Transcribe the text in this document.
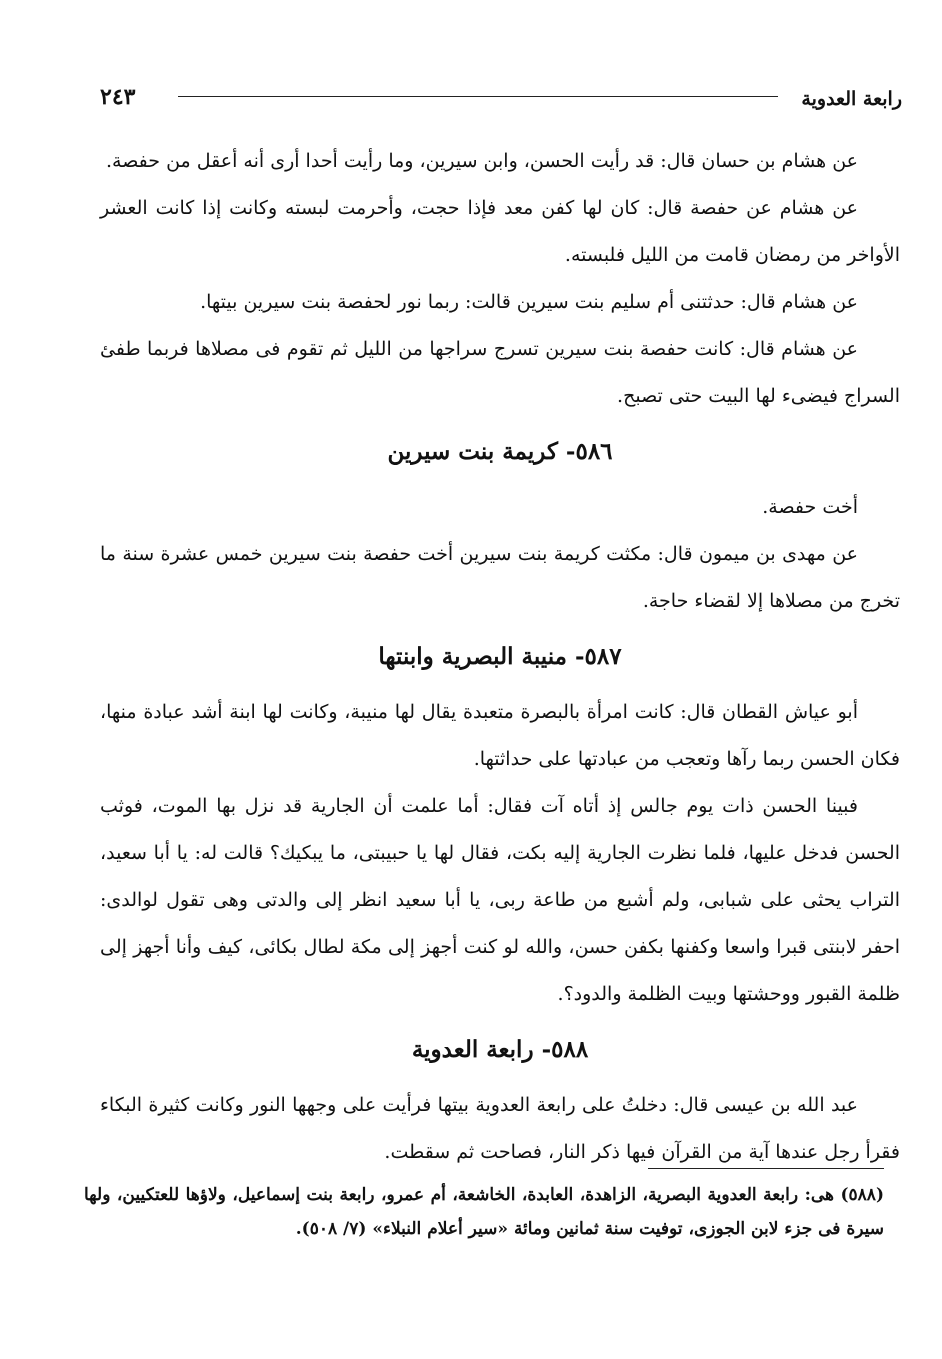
رابعة العدوية
٢٤٣

عن هشام بن حسان قال: قد رأيت الحسن، وابن سيرين، وما رأيت أحدا أرى أنه أعقل من حفصة.

عن هشام عن حفصة قال: كان لها كفن معد فإذا حجت، وأحرمت لبسته وكانت إذا كانت العشر الأواخر من رمضان قامت من الليل فلبسته.

عن هشام قال: حدثتنى أم سليم بنت سيرين قالت: ربما نور لحفصة بنت سيرين بيتها.

عن هشام قال: كانت حفصة بنت سيرين تسرج سراجها من الليل ثم تقوم فى مصلاها فربما طفئ السراج فيضىء لها البيت حتى تصبح.

٥٨٦- كريمة بنت سيرين

أخت حفصة.

عن مهدى بن ميمون قال: مكثت كريمة بنت سيرين أخت حفصة بنت سيرين خمس عشرة سنة ما تخرج من مصلاها إلا لقضاء حاجة.

٥٨٧- منيبة البصرية وابنتها

أبو عياش القطان قال: كانت امرأة بالبصرة متعبدة يقال لها منيبة، وكانت لها ابنة أشد عبادة منها، فكان الحسن ربما رآها وتعجب من عبادتها على حداثتها.

فبينا الحسن ذات يوم جالس إذ أتاه آت فقال: أما علمت أن الجارية قد نزل بها الموت، فوثب الحسن فدخل عليها، فلما نظرت الجارية إليه بكت، فقال لها يا حبيبتى، ما يبكيك؟ قالت له: يا أبا سعيد، التراب يحثى على شبابى، ولم أشبع من طاعة ربى، يا أبا سعيد انظر إلى والدتى وهى تقول لوالدى: احفر لابنتى قبرا واسعا وكفنها بكفن حسن، والله لو كنت أجهز إلى مكة لطال بكائى، كيف وأنا أجهز إلى ظلمة القبور ووحشتها وبيت الظلمة والدود؟.

٥٨٨- رابعة العدوية

عبد الله بن عيسى قال: دخلتُ على رابعة العدوية بيتها فرأيت على وجهها النور وكانت كثيرة البكاء فقرأ رجل عندها آية من القرآن فيها ذكر النار، فصاحت ثم سقطت.

(٥٨٨) هى: رابعة العدوية البصرية، الزاهدة، العابدة، الخاشعة، أم عمرو، رابعة بنت إسماعيل، ولاؤها للعتكيين، ولها سيرة فى جزء لابن الجوزى، توفيت سنة ثمانين ومائة «سير أعلام النبلاء» (٧/ ٥٠٨).
